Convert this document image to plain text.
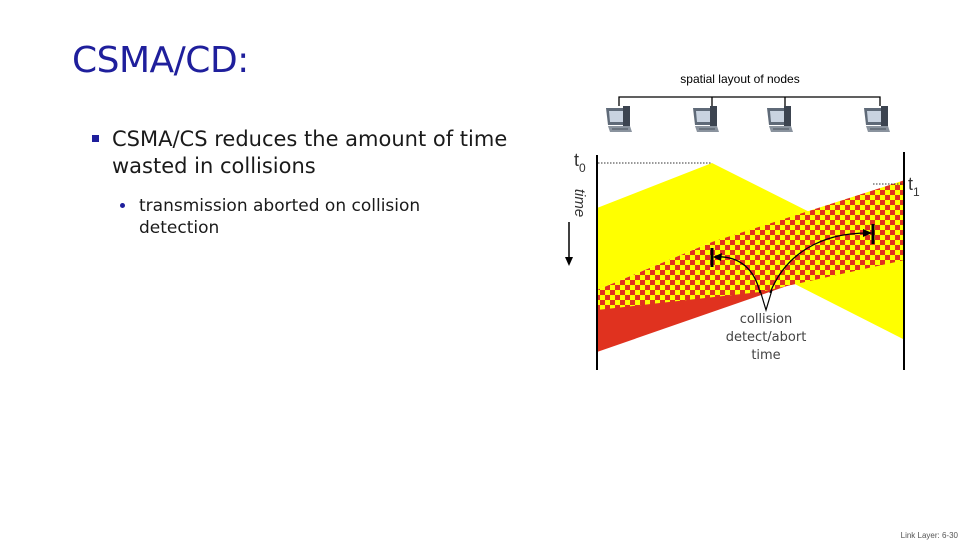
CSMA/CD:
CSMA/CS reduces the amount of time wasted in collisions
transmission aborted on collision detection
spatial layout of nodes
$t_0$
$t_1$
time
collision
detect/abort
time
Link Layer: 6-30
